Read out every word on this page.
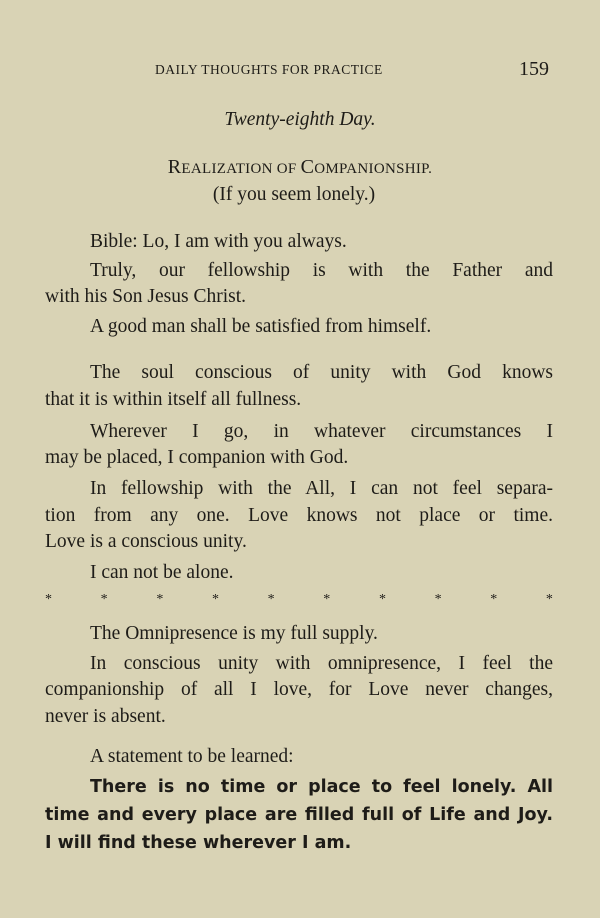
DAILY THOUGHTS FOR PRACTICE	159
Twenty-eighth Day.
REALIZATION OF COMPANIONSHIP.
(If you seem lonely.)
Bible: Lo, I am with you always.
Truly, our fellowship is with the Father and
with his Son Jesus Christ.
A good man shall be satisfied from himself.
The soul conscious of unity with God knows
that it is within itself all fullness.
Wherever I go, in whatever circumstances I
may be placed, I companion with God.
In fellowship with the All, I can not feel separa-
tion from any one. Love knows not place or time.
Love is a conscious unity.
I can not be alone.
*	*	*	*	*	*	*	*	*	*
The Omnipresence is my full supply.
In conscious unity with omnipresence, I feel the
companionship of all I love, for Love never changes,
never is absent.
A statement to be learned:
There is no time or place to feel lonely. All
time and every place are filled full of Life and Joy.
I will find these wherever I am.
